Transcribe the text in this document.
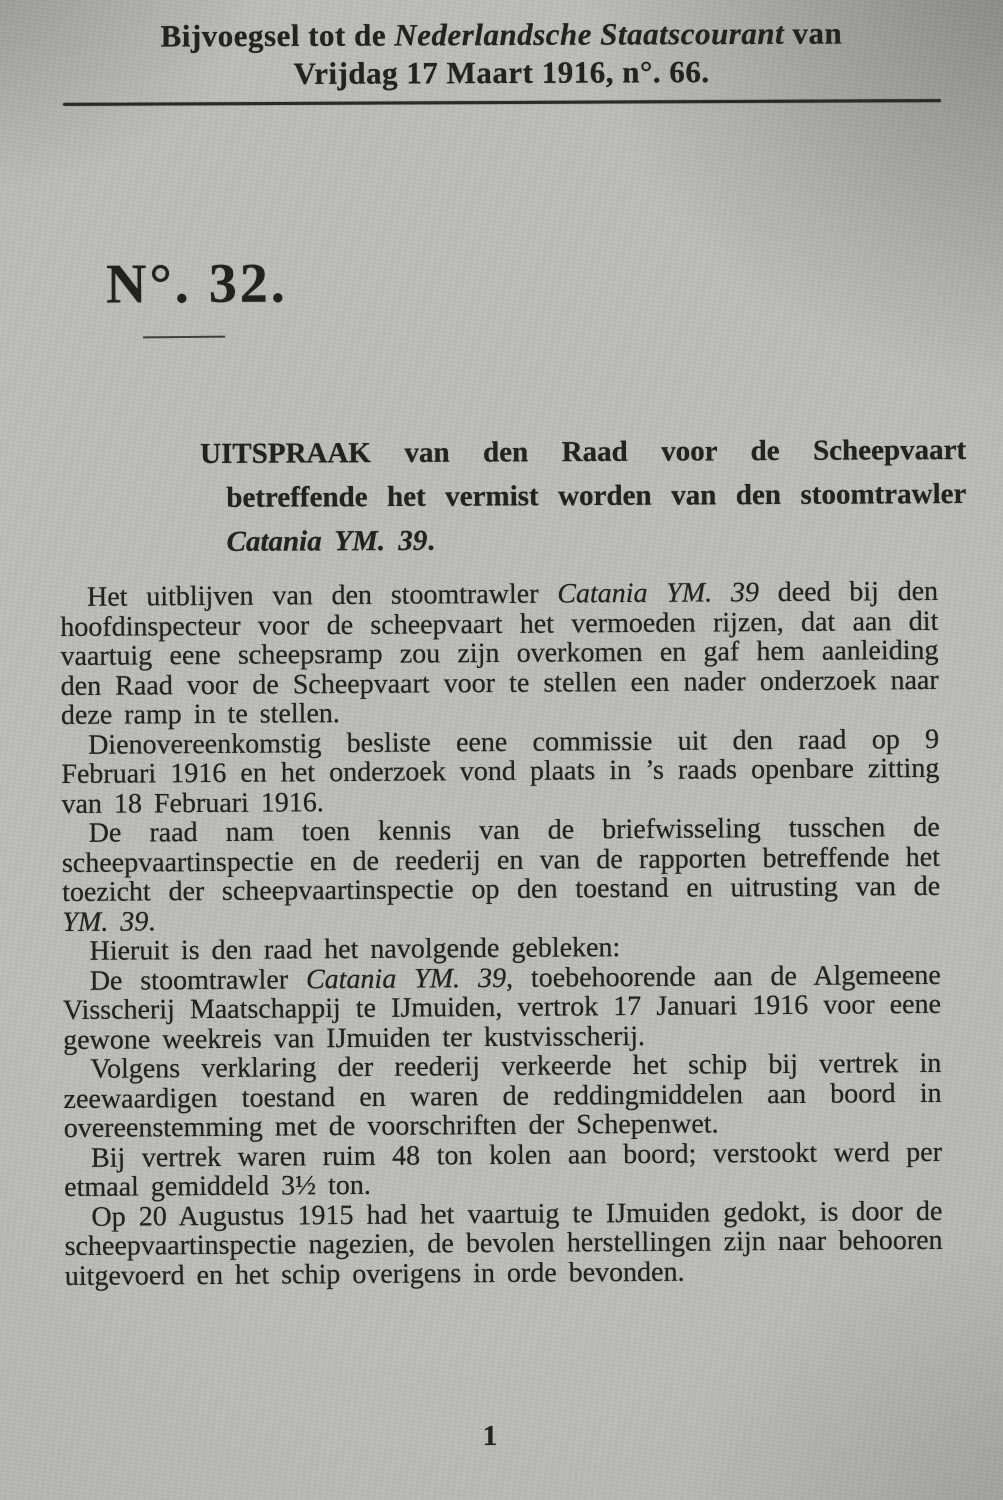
Bijvoegsel tot de Nederlandsche Staatscourant van
Vrijdag 17 Maart 1916, n°. 66.
N°. 32.
UITSPRAAK van den Raad voor de Scheepvaart betreffende het vermist worden van den stoomtrawler Catania YM. 39.

Het uitblijven van den stoomtrawler Catania YM. 39 deed bij den hoofdinspecteur voor de scheepvaart het vermoeden rijzen, dat aan dit vaartuig eene scheepsramp zou zijn overkomen en gaf hem aanleiding den Raad voor de Scheepvaart voor te stellen een nader onderzoek naar deze ramp in te stellen.

Dienovereenkomstig besliste eene commissie uit den raad op 9 Februari 1916 en het onderzoek vond plaats in ’s raads openbare zitting van 18 Februari 1916.

De raad nam toen kennis van de briefwisseling tusschen de scheepvaartinspectie en de reederij en van de rapporten betreffende het toezicht der scheepvaartinspectie op den toestand en uitrusting van de YM. 39.

Hieruit is den raad het navolgende gebleken:

De stoomtrawler Catania YM. 39, toebehoorende aan de Algemeene Visscherij Maatschappij te IJmuiden, vertrok 17 Januari 1916 voor eene gewone weekreis van IJmuiden ter kustvisscherij.

Volgens verklaring der reederij verkeerde het schip bij vertrek in zeewaardigen toestand en waren de reddingmiddelen aan boord in overeenstemming met de voorschriften der Schepenwet.

Bij vertrek waren ruim 48 ton kolen aan boord; verstookt werd per etmaal gemiddeld 3½ ton.

Op 20 Augustus 1915 had het vaartuig te IJmuiden gedokt, is door de scheepvaartinspectie nagezien, de bevolen herstellingen zijn naar behooren uitgevoerd en het schip overigens in orde bevonden.

1
